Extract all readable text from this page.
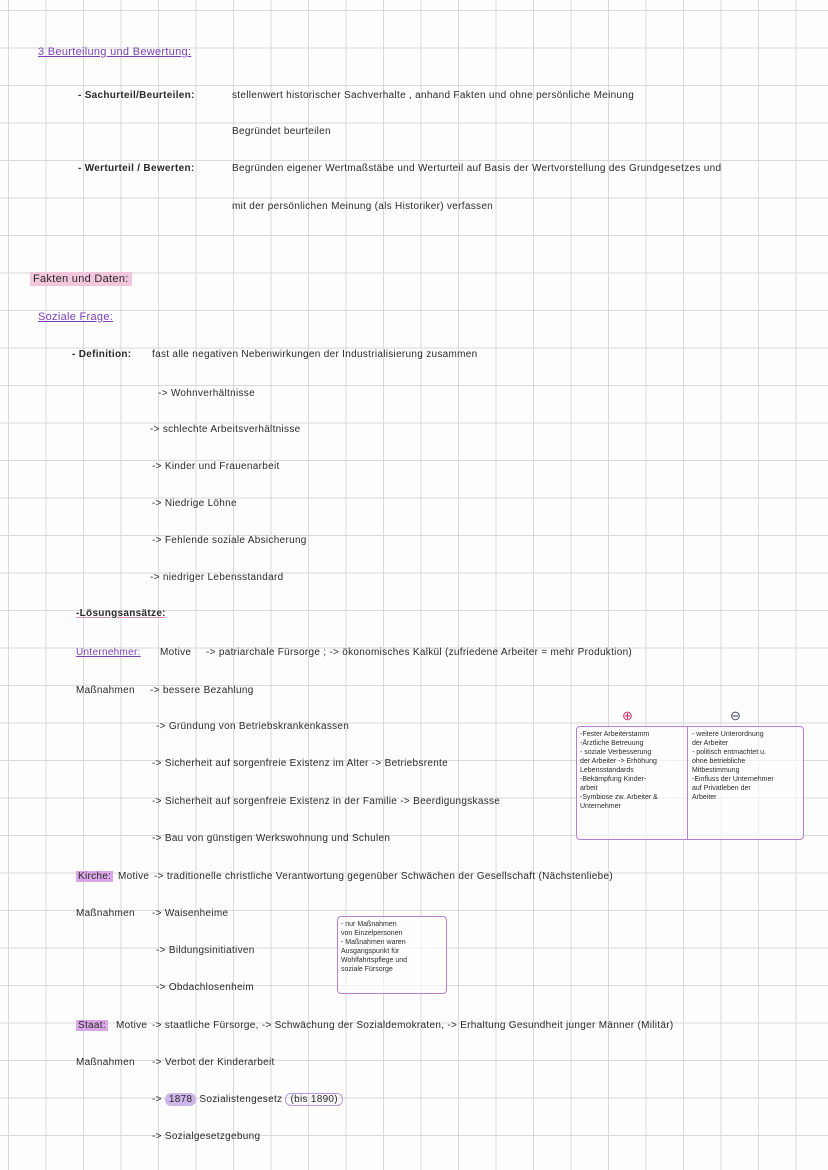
3 Beurteilung und Bewertung:
- Sachurteil/Beurteilen:	stellenwert historischer Sachverhalte , anhand Fakten und ohne persönliche Meinung
Begründet beurteilen
- Werturteil / Bewerten:	Begründen eigener Wertmaßstäbe und Werturteil auf Basis der Wertvorstellung des Grundgesetzes und
mit der persönlichen Meinung (als Historiker) verfassen
Fakten und Daten:
Soziale Frage:
- Definition: fast alle negativen Nebenwirkungen der Industrialisierung zusammen
-> Wohnverhältnisse
-> schlechte Arbeitsverhältnisse
-> Kinder und Frauenarbeit
-> Niedrige Löhne
-> Fehlende soziale Absicherung
-> niedriger Lebensstandard
-Lösungsansätze:
Unternehmer: Motive -> patriarchale Fürsorge ; -> ökonomisches Kalkül (zufriedene Arbeiter = mehr Produktion)
Maßnahmen -> bessere Bezahlung
-> Gründung von Betriebskrankenkassen
-> Sicherheit auf sorgenfreie Existenz im Alter -> Betriebsrente
-> Sicherheit auf sorgenfreie Existenz in der Familie -> Beerdigungskasse
-> Bau von günstigen Werkswohnung und Schulen
⊕	⊖
-Fester Arbeiterstamm
-Ärztliche Betreuung
- soziale Verbesserung
der Arbeiter -> Erhöhung
Lebensstandards
-Bekämpfung Kinder-
arbeit
-Symbiose zw. Arbeiter &
Unternehmer
- weitere Unterordnung
der Arbeiter
- politisch entmachtet u.
ohne betriebliche
Mitbestimmung
-Einfluss der Unternehmer
auf Privatleben der
Arbeiter
Kirche: Motive -> traditionelle christliche Verantwortung gegenüber Schwächen der Gesellschaft (Nächstenliebe)
Maßnahmen -> Waisenheime
-> Bildungsinitiativen
-> Obdachlosenheim
- nur Maßnahmen
von Einzelpersonen
- Maßnahmen waren
Ausgangspunkt für
Wohlfahrtspflege und
soziale Fürsorge
Staat: Motive -> staatliche Fürsorge, -> Schwächung der Sozialdemokraten, -> Erhaltung Gesundheit junger Männer (Militär)
Maßnahmen -> Verbot der Kinderarbeit
-> 1878 Sozialistengesetz (bis 1890)
-> Sozialgesetzgebung
